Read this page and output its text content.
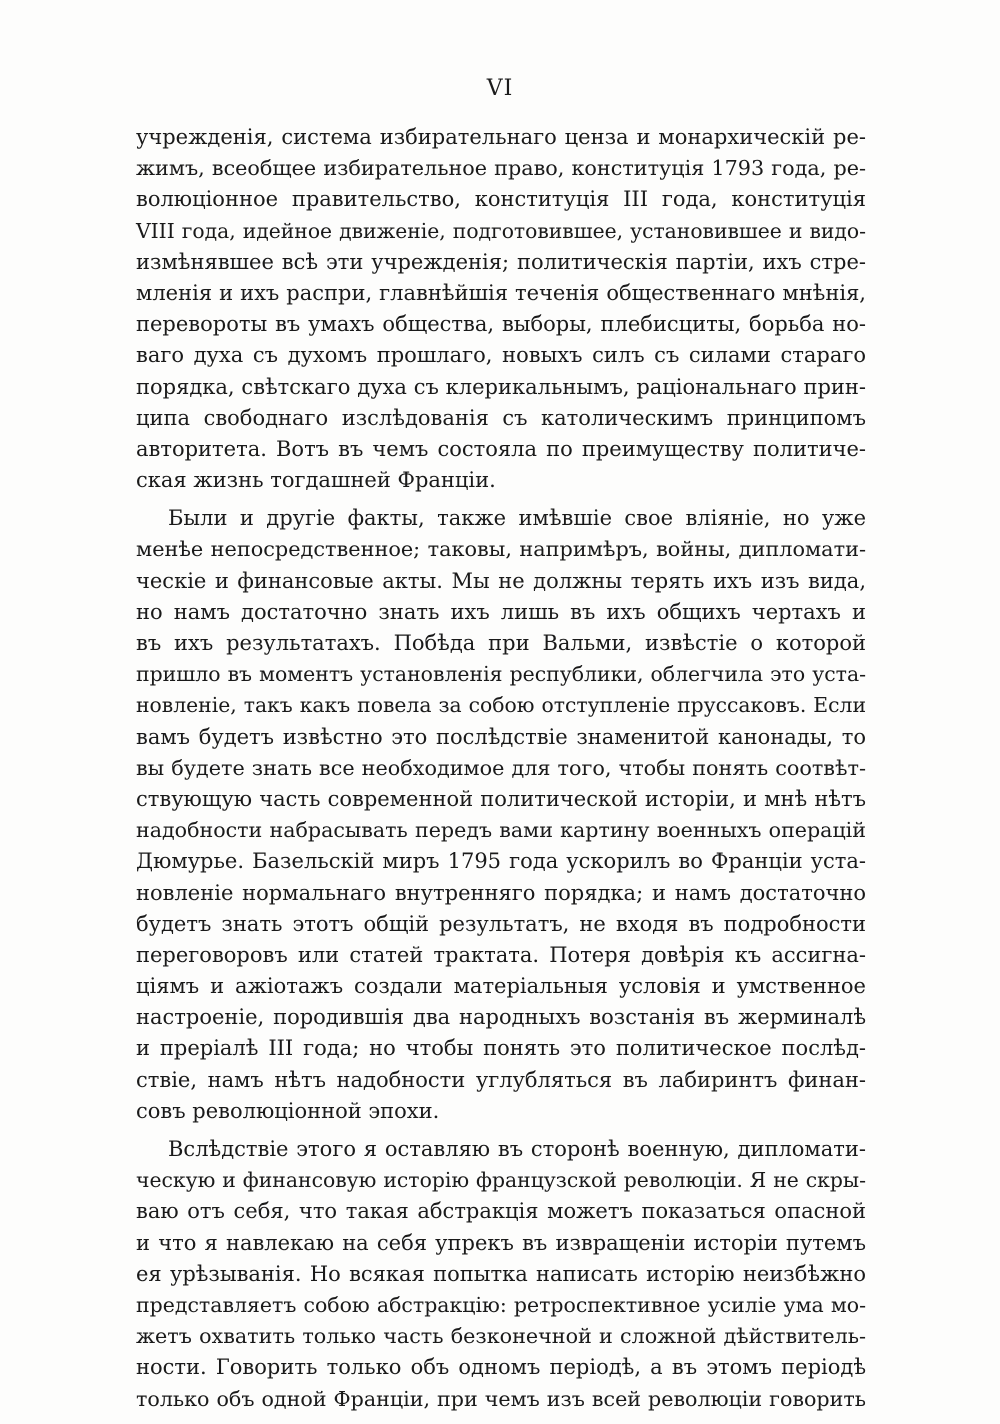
VI
учрежденія, система избирательнаго ценза и монархическій ре-
жимъ, всеобщее избирательное право, конституція 1793 года, ре-
волюціонное правительство, конституція III года, конституція
VIII года, идейное движеніе, подготовившее, установившее и видо-
измѣнявшее всѣ эти учрежденія; политическія партіи, ихъ стре-
мленія и ихъ распри, главнѣйшія теченія общественнаго мнѣнія,
перевороты въ умахъ общества, выборы, плебисциты, борьба но-
ваго духа съ духомъ прошлаго, новыхъ силъ съ силами стараго
порядка, свѣтскаго духа съ клерикальнымъ, раціональнаго прин-
ципа свободнаго изслѣдованія съ католическимъ принципомъ
авторитета. Вотъ въ чемъ состояла по преимуществу политиче-
ская жизнь тогдашней Франціи.
Были и другіе факты, также имѣвшіе свое вліяніе, но уже
менѣе непосредственное; таковы, напримѣръ, войны, дипломати-
ческіе и финансовые акты. Мы не должны терять ихъ изъ вида,
но намъ достаточно знать ихъ лишь въ ихъ общихъ чертахъ и
въ ихъ результатахъ. Побѣда при Вальми, извѣстіе о которой
пришло въ моментъ установленія республики, облегчила это уста-
новленіе, такъ какъ повела за собою отступленіе пруссаковъ. Если
вамъ будетъ извѣстно это послѣдствіе знаменитой канонады, то
вы будете знать все необходимое для того, чтобы понять соотвѣт-
ствующую часть современной политической исторіи, и мнѣ нѣтъ
надобности набрасывать передъ вами картину военныхъ операцій
Дюмурье. Базельскій миръ 1795 года ускорилъ во Франціи уста-
новленіе нормальнаго внутренняго порядка; и намъ достаточно
будетъ знать этотъ общій результатъ, не входя въ подробности
переговоровъ или статей трактата. Потеря довѣрія къ ассигна-
ціямъ и ажіотажъ создали матеріальныя условія и умственное
настроеніе, породившія два народныхъ возстанія въ жерминалѣ
и преріалѣ III года; но чтобы понять это политическое послѣд-
ствіе, намъ нѣтъ надобности углубляться въ лабиринтъ финан-
совъ революціонной эпохи.
Вслѣдствіе этого я оставляю въ сторонѣ военную, дипломати-
ческую и финансовую исторію французской революціи. Я не скры-
ваю отъ себя, что такая абстракція можетъ показаться опасной
и что я навлекаю на себя упрекъ въ извращеніи исторіи путемъ
ея урѣзыванія. Но всякая попытка написать исторію неизбѣжно
представляетъ собою абстракцію: ретроспективное усиліе ума мо-
жетъ охватить только часть безконечной и сложной дѣйствитель-
ности. Говорить только объ одномъ періодѣ, а въ этомъ періодѣ
только объ одной Франціи, при чемъ изъ всей революціи говорить
